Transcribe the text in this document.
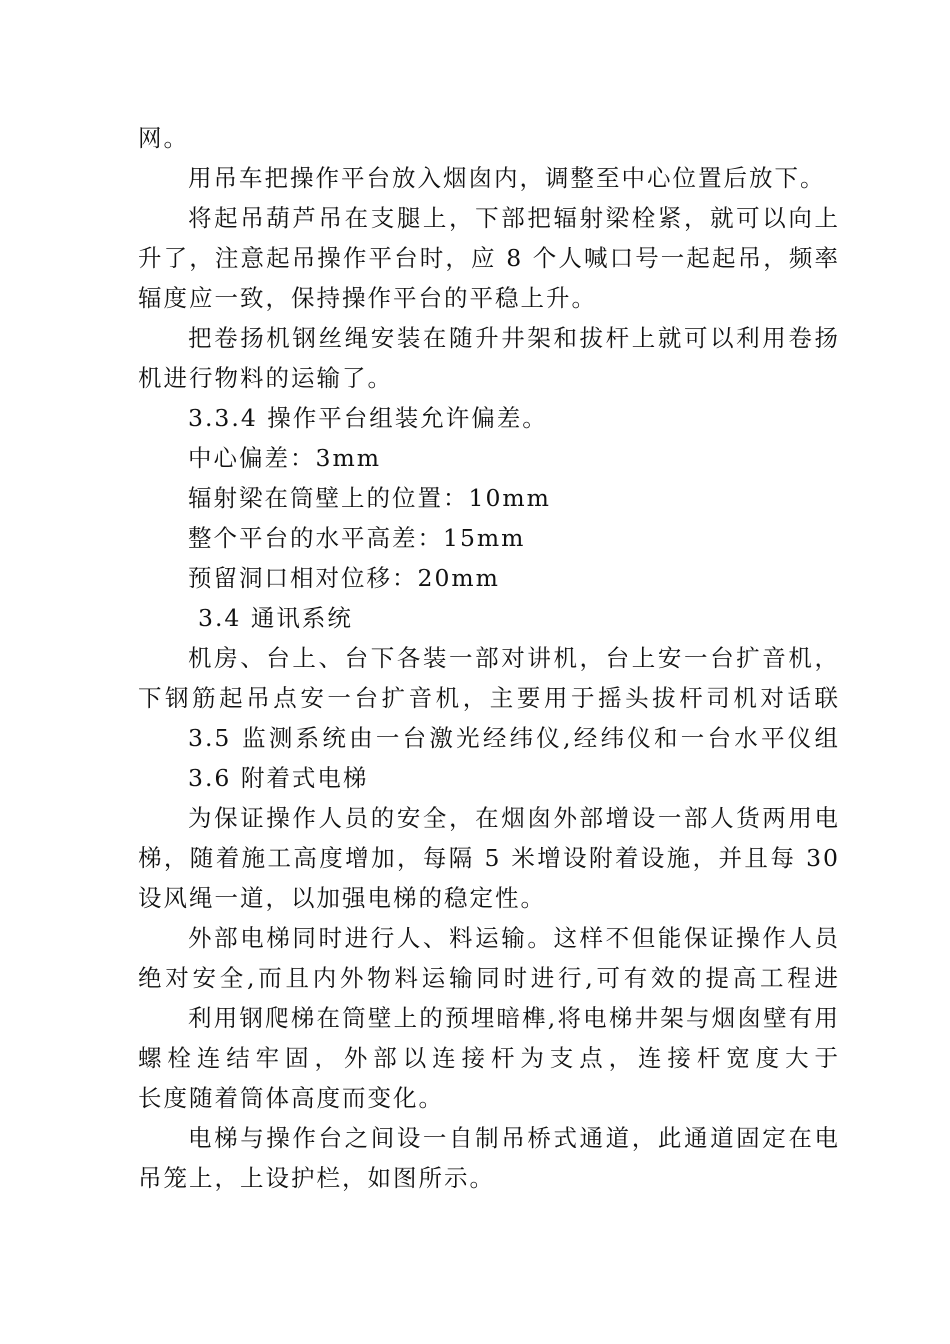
网。
用吊车把操作平台放入烟囱内，调整至中心位置后放下。
将起吊葫芦吊在支腿上，下部把辐射梁栓紧，就可以向上
升了，注意起吊操作平台时，应 8 个人喊口号一起起吊，频率
辐度应一致，保持操作平台的平稳上升。
把卷扬机钢丝绳安装在随升井架和拔杆上就可以利用卷扬
机进行物料的运输了。
3.3.4 操作平台组装允许偏差。
中心偏差：3mm
辐射梁在筒壁上的位置：10mm
整个平台的水平高差：15mm
预留洞口相对位移：20mm
3.4 通讯系统
机房、台上、台下各装一部对讲机，台上安一台扩音机，
下钢筋起吊点安一台扩音机，主要用于摇头拔杆司机对话联
3.5 监测系统由一台激光经纬仪,经纬仪和一台水平仪组
3.6 附着式电梯
为保证操作人员的安全，在烟囱外部增设一部人货两用电
梯，随着施工高度增加，每隔 5 米增设附着设施，并且每 30
设风绳一道，以加强电梯的稳定性。
外部电梯同时进行人、料运输。这样不但能保证操作人员
绝对安全,而且内外物料运输同时进行,可有效的提高工程进
利用钢爬梯在筒壁上的预埋暗榫,将电梯井架与烟囱壁有用
螺栓连结牢固，外部以连接杆为支点，连接杆宽度大于
长度随着筒体高度而变化。
电梯与操作台之间设一自制吊桥式通道，此通道固定在电
吊笼上，上设护栏，如图所示。
